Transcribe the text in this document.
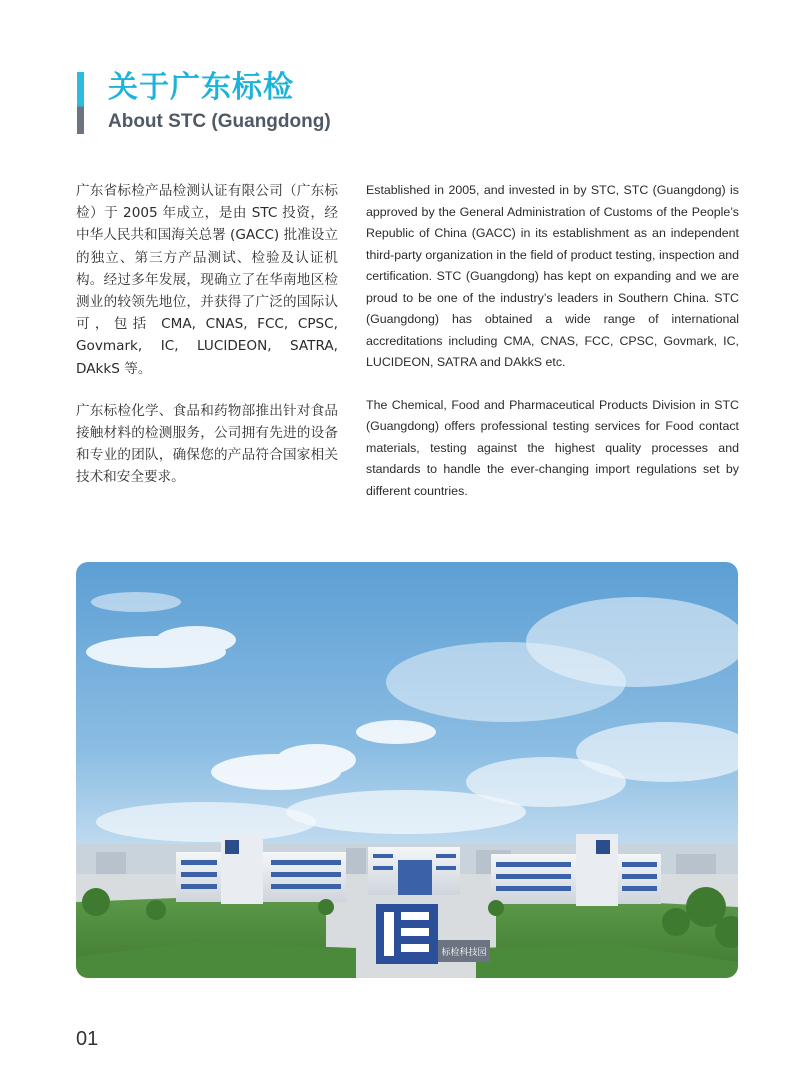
关于广东标检
About STC (Guangdong)

广东省标检产品检测认证有限公司（广东标检）于 2005 年成立，是由 STC 投资，经中华人民共和国海关总署 (GACC) 批准设立的独立、第三方产品测试、检验及认证机构。经过多年发展，现确立了在华南地区检测业的较领先地位，并获得了广泛的国际认可，包括 CMA, CNAS, FCC, CPSC, Govmark, IC, LUCIDEON, SATRA, DAkkS 等。

广东标检化学、食品和药物部推出针对食品接触材料的检测服务，公司拥有先进的设备和专业的团队，确保您的产品符合国家相关技术和安全要求。

Established in 2005, and invested in by STC, STC (Guangdong) is approved by the General Administration of Customs of the People’s Republic of China (GACC) in its establishment as an independent third-party organization in the field of product testing, inspection and certification. STC (Guangdong) has kept on expanding and we are proud to be one of the industry’s leaders in Southern China. STC (Guangdong) has obtained a wide range of international accreditations including CMA, CNAS, FCC, CPSC, Govmark, IC, LUCIDEON, SATRA and DAkkS etc.

The Chemical, Food and Pharmaceutical Products Division in STC (Guangdong) offers professional testing services for Food contact materials, testing against the highest quality processes and standards to handle the ever-changing import regulations set by different countries.

标检科技园
01
